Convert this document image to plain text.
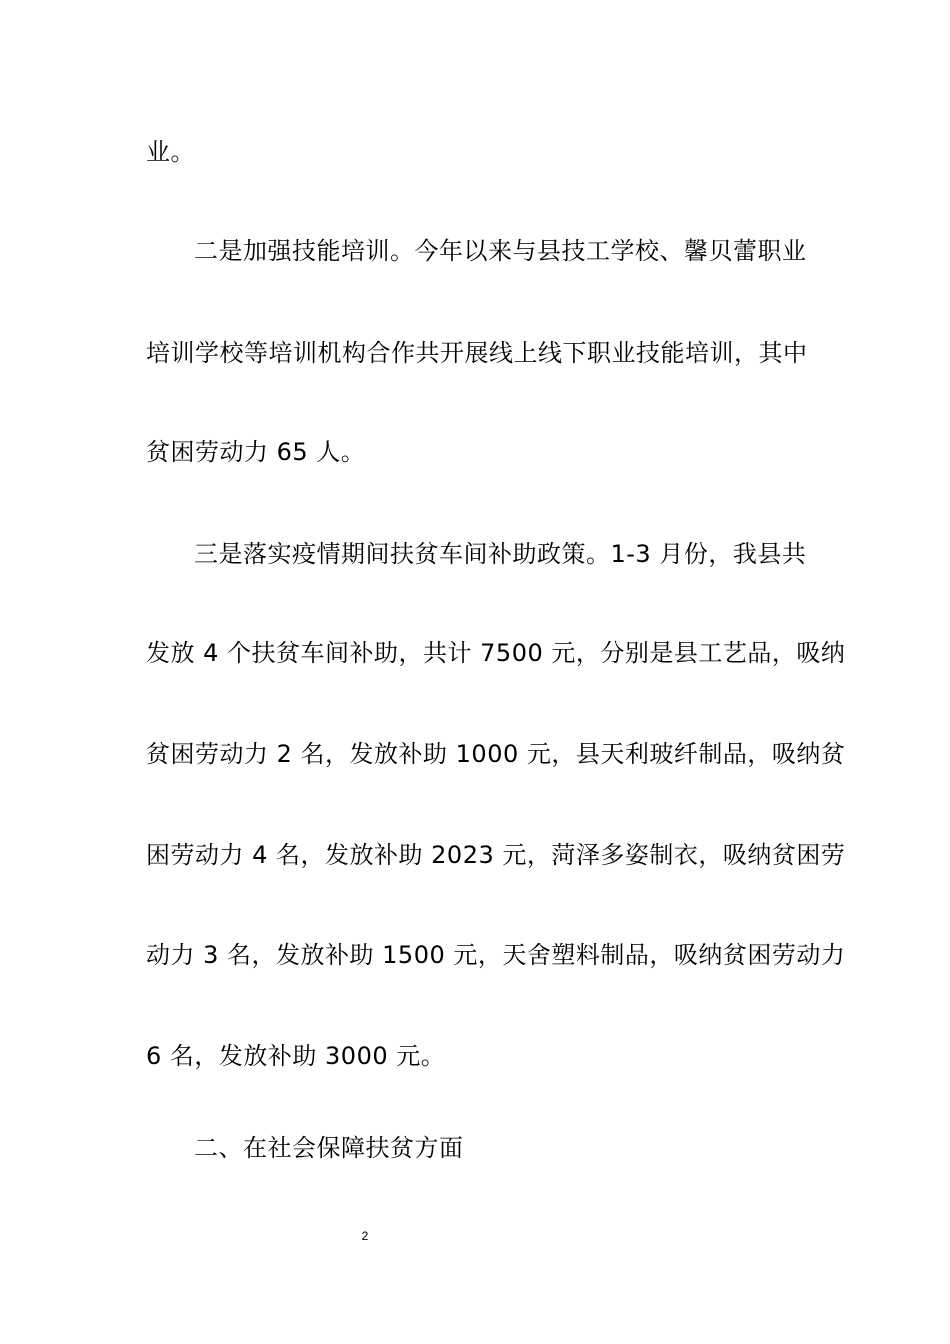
业。
二是加强技能培训。今年以来与县技工学校、馨贝蕾职业
培训学校等培训机构合作共开展线上线下职业技能培训，其中
贫困劳动力 65 人。
三是落实疫情期间扶贫车间补助政策。1-3 月份，我县共
发放 4 个扶贫车间补助，共计 7500 元，分别是县工艺品，吸纳
贫困劳动力 2 名，发放补助 1000 元，县天利玻纤制品，吸纳贫
困劳动力 4 名，发放补助 2023 元，菏泽多姿制衣，吸纳贫困劳
动力 3 名，发放补助 1500 元，天舍塑料制品，吸纳贫困劳动力
6 名，发放补助 3000 元。
二、在社会保障扶贫方面
2
